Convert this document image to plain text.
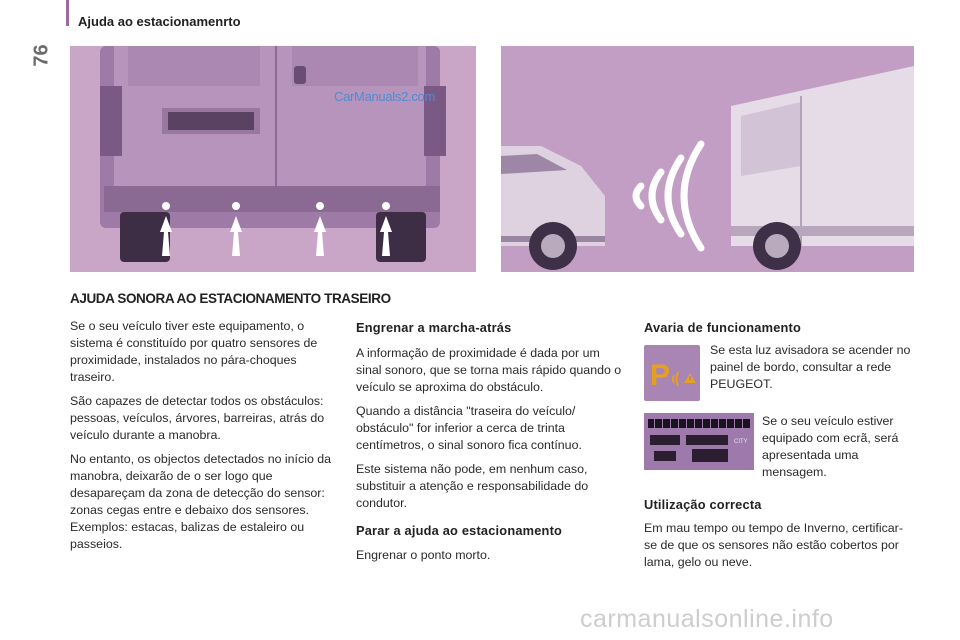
76
Ajuda ao estacionamenrto
CarManuals2.com
AJUDA SONORA AO ESTACIONAMENTO TRASEIRO

Se o seu veículo tiver este equipamento, o sistema é constituído por quatro sensores de proximidade, instalados no pára-choques traseiro.

São capazes de detectar todos os obstáculos: pessoas, veículos, árvores, barreiras, atrás do veículo durante a manobra.

No entanto, os objectos detectados no início da manobra, deixarão de o ser logo que desapareçam da zona de detecção do sensor: zonas cegas entre e debaixo dos sensores. Exemplos: estacas, balizas de estaleiro ou passeios.

Engrenar a marcha-atrás

A informação de proximidade é dada por um sinal sonoro, que se torna mais rápido quando o veículo se aproxima do obstáculo.

Quando a distância "traseira do veículo/ obstáculo" for inferior a cerca de trinta centímetros, o sinal sonoro fica contínuo.

Este sistema não pode, em nenhum caso, substituir a atenção e responsabilidade do condutor.

Parar a ajuda ao estacionamento
Engrenar o ponto morto.
Avaria de funcionamento
P
Se esta luz avisadora se acender no painel de bordo, consultar a rede PEUGEOT.
CITY
Se o seu veículo estiver equipado com ecrã, será apresentada uma mensagem.
Utilização correcta
Em mau tempo ou tempo de Inverno, certificar-se de que os sensores não estão cobertos por lama, gelo ou neve.
carmanualsonline.info
